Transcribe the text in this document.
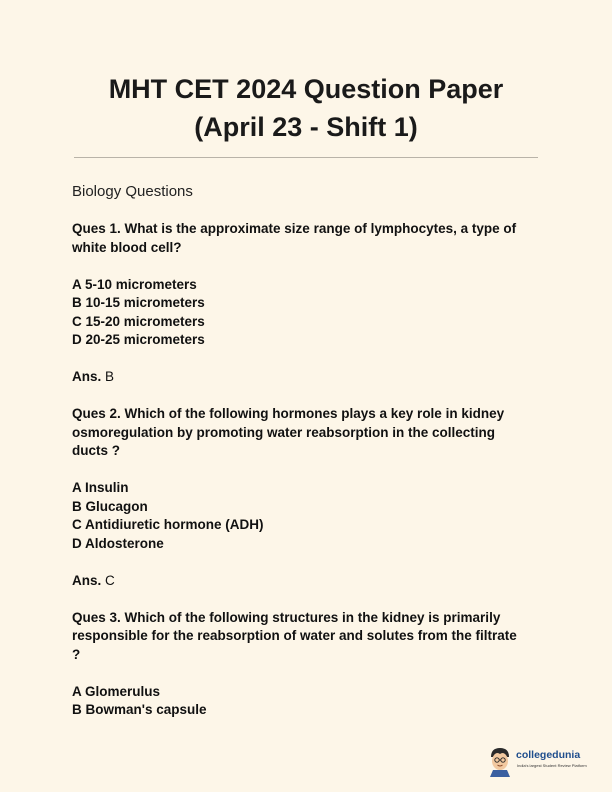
MHT CET 2024 Question Paper
(April 23 - Shift 1)
Biology Questions
Ques 1. What is the approximate size range of lymphocytes, a type of
white blood cell?
A 5-10 micrometers
B 10-15 micrometers
C 15-20 micrometers
D 20-25 micrometers
Ans. B
Ques 2. Which of the following hormones plays a key role in kidney
osmoregulation by promoting water reabsorption in the collecting
ducts ?
A Insulin
B Glucagon
C Antidiuretic hormone (ADH)
D Aldosterone
Ans. C
Ques 3. Which of the following structures in the kidney is primarily
responsible for the reabsorption of water and solutes from the filtrate
?
A Glomerulus
B Bowman's capsule
collegedunia
India's largest Student Review Platform
